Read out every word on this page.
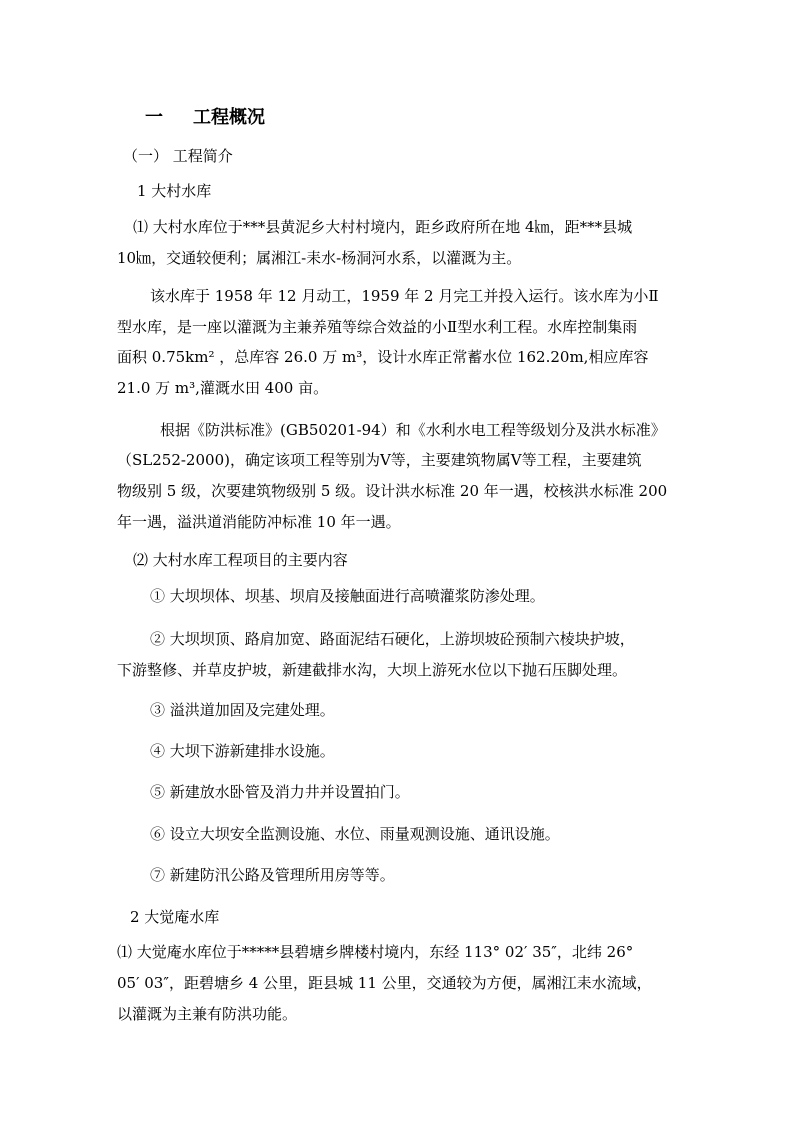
一 工程概况
（一） 工程简介
1 大村水库
⑴ 大村水库位于***县黄泥乡大村村境内，距乡政府所在地 4㎞，距***县城
10㎞，交通较便利；属湘江-耒水-杨洞河水系，以灌溉为主。
该水库于 1958 年 12 月动工，1959 年 2 月完工并投入运行。该水库为小Ⅱ
型水库，是一座以灌溉为主兼养殖等综合效益的小Ⅱ型水利工程。水库控制集雨
面积 0.75km² ，总库容 26.0 万 m³，设计水库正常蓄水位 162.20m,相应库容
21.0 万 m³,灌溉水田 400 亩。
根据《防洪标准》(GB50201-94）和《水利水电工程等级划分及洪水标准》
（SL252-2000)，确定该项工程等别为Ⅴ等，主要建筑物属Ⅴ等工程，主要建筑
物级别 5 级，次要建筑物级别 5 级。设计洪水标准 20 年一遇，校核洪水标准 200
年一遇，溢洪道消能防冲标准 10 年一遇。
⑵ 大村水库工程项目的主要内容
① 大坝坝体、坝基、坝肩及接触面进行高喷灌浆防渗处理。
② 大坝坝顶、路肩加宽、路面泥结石硬化，上游坝坡砼预制六棱块护坡，
下游整修、并草皮护坡，新建截排水沟，大坝上游死水位以下抛石压脚处理。
③ 溢洪道加固及完建处理。
④ 大坝下游新建排水设施。
⑤ 新建放水卧管及消力井并设置拍门。
⑥ 设立大坝安全监测设施、水位、雨量观测设施、通讯设施。
⑦ 新建防汛公路及管理所用房等等。
2 大觉庵水库
⑴ 大觉庵水库位于*****县碧塘乡牌楼村境内，东经 113° 02′ 35″，北纬 26°
05′ 03″，距碧塘乡 4 公里，距县城 11 公里，交通较为方便，属湘江耒水流域，
以灌溉为主兼有防洪功能。
